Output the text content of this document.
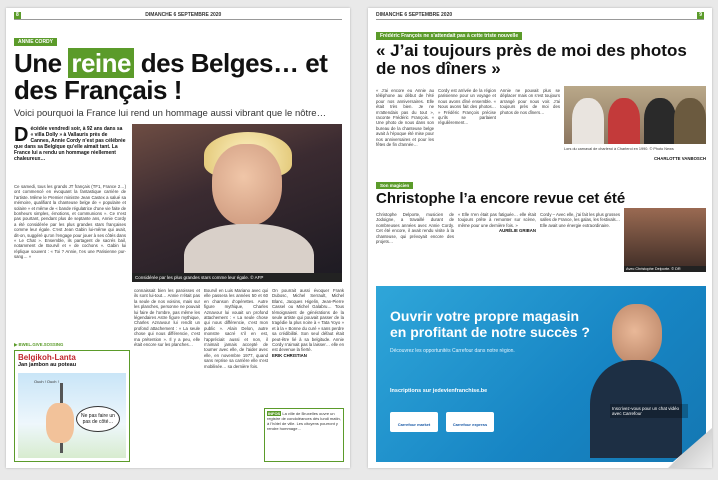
8	DIMANCHE 6 SEPTEMBRE 2020
ANNIE CORDY
Une reine des Belges… et des Français !
Voici pourquoi la France lui rend un hommage aussi vibrant que le nôtre…
D écédée vendredi soir, à 92 ans dans sa « villa Dolly » à Vallauris près de Cannes, Annie Cordy n’est pas célébrée que dans sa Belgique qu’elle aimait tant. La France lui a rendu un hommage réellement chaleureux…
Considérée par les plus grandes stars comme leur égale. © AFP
Ce samedi, tous les grands JT français (TF1, France 2…) ont commencé en évoquant la fantastique carrière de l’artiste. Même le Premier ministre Jean Castex a salué sa mémoire, qualifiant la chanteuse belge de « populaire et solaire » et même de « bande régulatrice d’une vie faite de bonheurs simples, émotions, et communions ». Ce n’est pas pourtant, pendant plus de septante ans, Annie Cordy a été considérée par les plus grandes stars françaises comme leur égale. C’est Jean Gabin lui-même qui avait, dit-on, suggéré qu’on l’engage pour jouer à ses côtés dans « Le Chat ». Ensemble, ils partagent de sacrés bail, notamment de Bourvil et « de cochons ». Gabin lui réplique souvent : « Toi ? Annie, t’es une Parisienne pur-sang… »
connaissait bien les paroisses et ils sont lui-tout… Annie n’était pas la seule de nos voisins, mais sur les planches, personne ne pouvait lui faire de l’ombre, pas même les légendaires Astre figure mythique, Charles Aznavour lui rendit un profond attachement : « La seule chose qui nous différencie, c’est ma prétention ». Il y a peu, elle était encore sur les planches…
Bourvil en Luis Mariano avec qui elle passera les années 50 et 60 en chanson d’opérettes. Autre figure mythique, Charles Aznavour lui vouait un profond attachement : « La seule chose qui nous différencie, c’est mon public ». Alain Delon, autre monstre sacré s’il en est, l’appréciait aussi et non, il n’aimait jamais accepté de tourner avec elle, de l’aider avec elle, en novembre 1977, quand sans reprise sa carrière elle s’est mobilisée… sa dernière fois.
On pourrait aussi évoquer Frank Dubosc, Michel Serrault, Michel Blanc, Jacques Higelin, Jean-Pierre Cassel ou Michel Galabru… Tous témoignaient de générations de la seule artiste qui pouvait passer de la tragédie la plus noire à « Tata Yoyo » et à la « Bonne du curé » sans perdre sa crédibilité. Son seul défaut était peut-être lié à sa belgitude. Annie Cordy n’aimait pas la laisser… elle en est devenue la fierté.
ERIK CHRISTIAN
INFOS La ville de Bruxelles ouvre un registre de condoléances dès lundi matin, à l’hôtel de ville. Les citoyens pourront y rendre hommage…
▶ BWEL.GIVE.SOSSING
Belgikoh-Lanta
Jan jambon au poteau
Ouch ! Ouch !
Ne pas faire un pas de côté…
DIMANCHE 6 SEPTEMBRE 2020	9
Frédéric François ne s’attendait pas à cette triste nouvelle
« J’ai toujours près de moi des photos de nos dîners »
« J’ai encore eu Annie au téléphone au début de l’été pour nos anniversaires. Elle était très bien. Je ne m’attendais pas du tout », raconte Frédéric François. « Une photo de nous dans son bureau de la chanteuse belge avait à l’époque été mise pour nos anniversaires et pour les fêtes de fin d’année…
Cordy est arrivée de la région parisienne pour un voyage et nous avons dîné ensemble. « Nous avons fait des photos… » Frédéric François précise qu’ils se parlaient régulièrement…
Annie ne pouvait plus se déplacer mais on s’est toujours arrangé pour nous voir. J’ai toujours près de moi des photos de nos dîners…
Lors du carnaval de charleroi à Charleroi en 1990. © Photo News
CHARLOTTE VANBOSCH
Son magicien
Christophe l’a encore revue cet été
Christophe Delporte, musicien de Jodoigne, a travaillé durant de nombreuses années avec Annie Cordy. Cet été encore, il avait rendu visite à la chanteuse, qui prévoyait encore des projets…
« Elle n’en était pas fatiguée… elle était toujours prête à remonter sur scène, même pour une dernière fois. »
AURÉLIE GRIBAN
Cordy – Avec elle, j’ai fait les plus grosses salles de France, les galas, les festivals… Elle avait une énergie extraordinaire.
Avec Christophe Delporte. © DR
Ouvrir votre propre magasin en profitant de notre succès ?
Découvrez les opportunités Carrefour dans notre région.
Inscriptions sur jedevienfranchise.be
Carrefour market	Carrefour express
Inscrivez-vous pour un chat vidéo avec Carrefour
